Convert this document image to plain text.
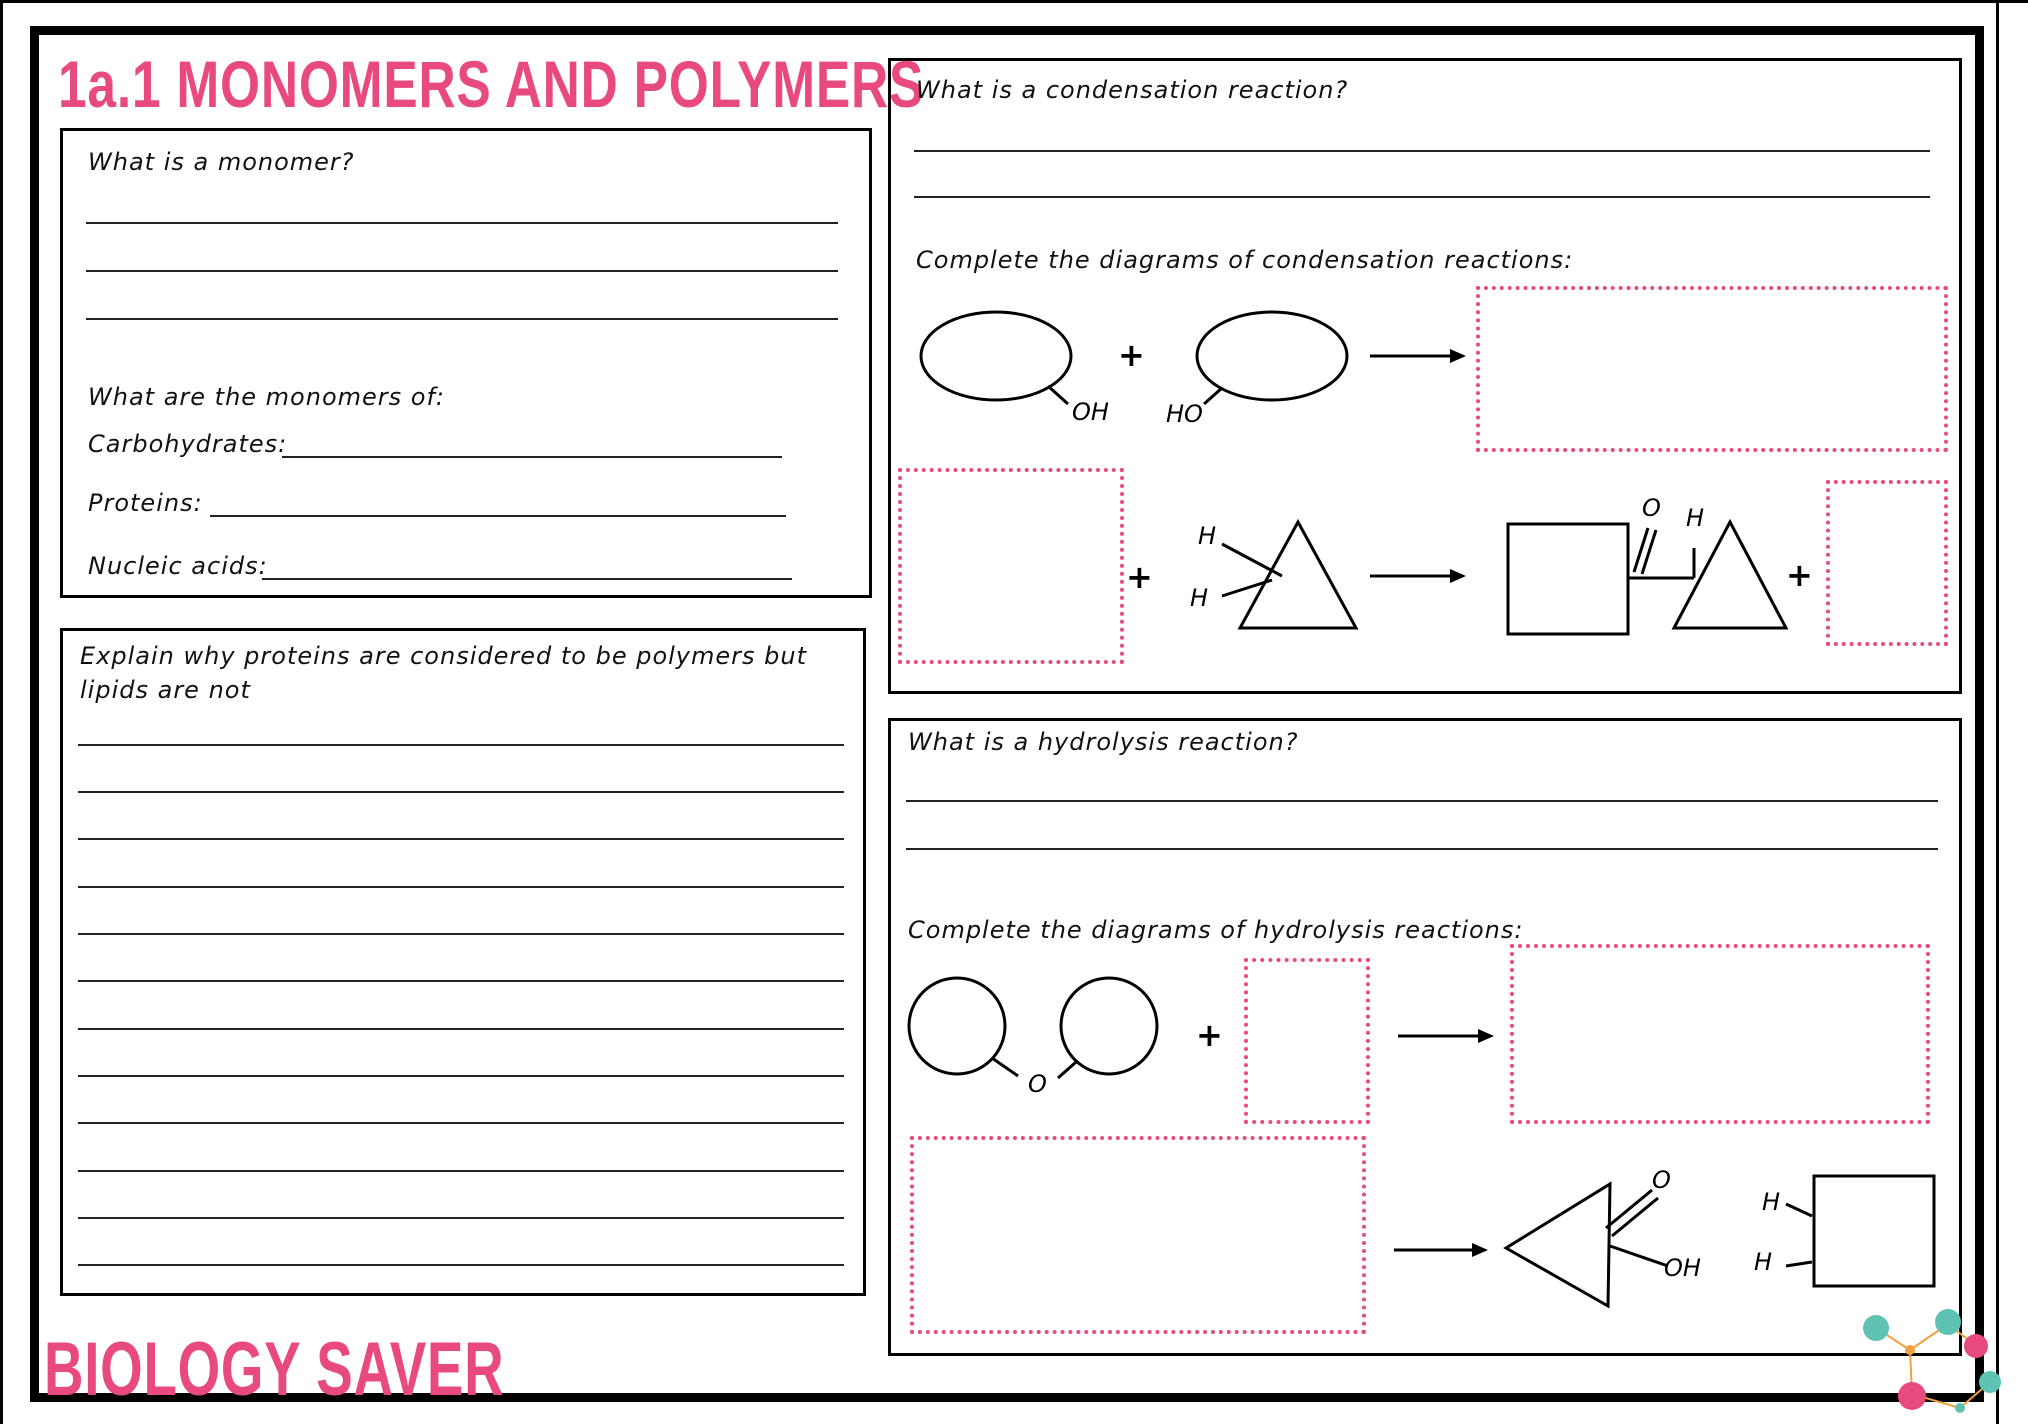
1a.1 MONOMERS AND POLYMERS
What is a monomer?
What are the monomers of:
Carbohydrates:
Proteins:
Nucleic acids:
Explain why proteins are considered to be polymers but
lipids are not
What is a condensation reaction?
Complete the diagrams of condensation reactions:
OH
+
HO
+
H
H
O H
+
What is a hydrolysis reaction?
Complete the diagrams of hydrolysis reactions:
O
+
O
OH
H
H
BIOLOGY SAVER
